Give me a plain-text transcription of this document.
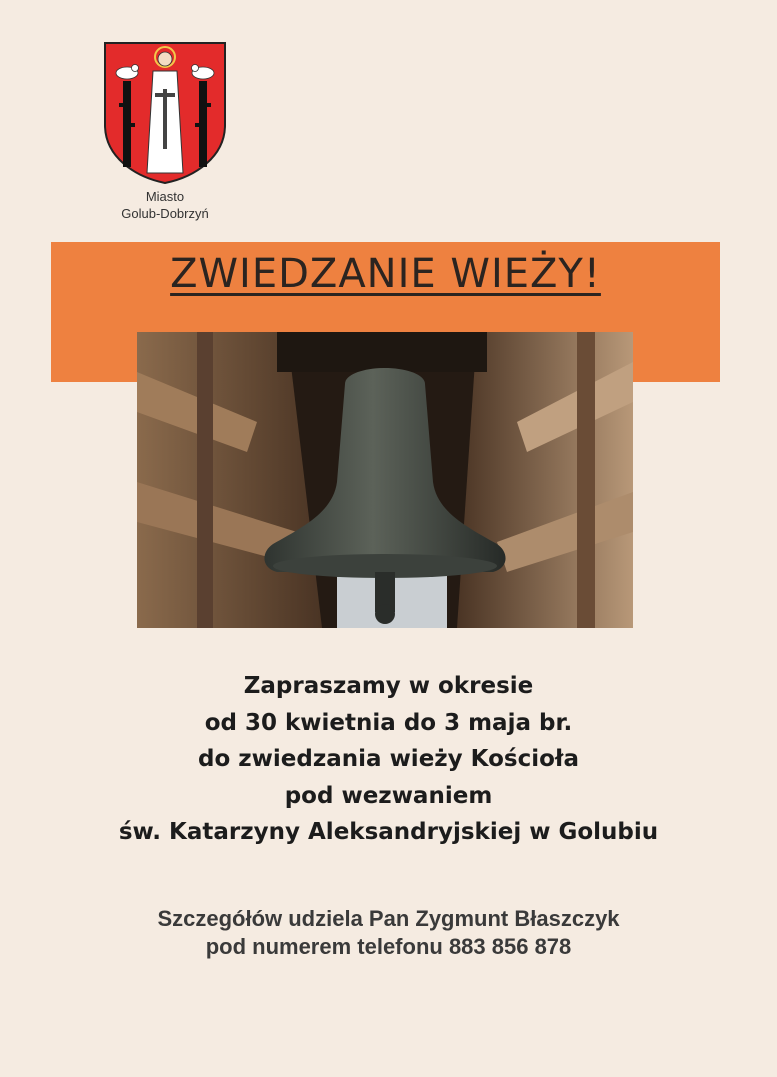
Miasto
Golub-Dobrzyń
ZWIEDZANIE WIEŻY!
Zapraszamy w okresie
od 30 kwietnia do 3 maja br.
do zwiedzania wieży Kościoła
pod wezwaniem
św. Katarzyny Aleksandryjskiej w Golubiu
Szczegółów udziela Pan Zygmunt Błaszczyk
pod numerem telefonu 883 856 878
